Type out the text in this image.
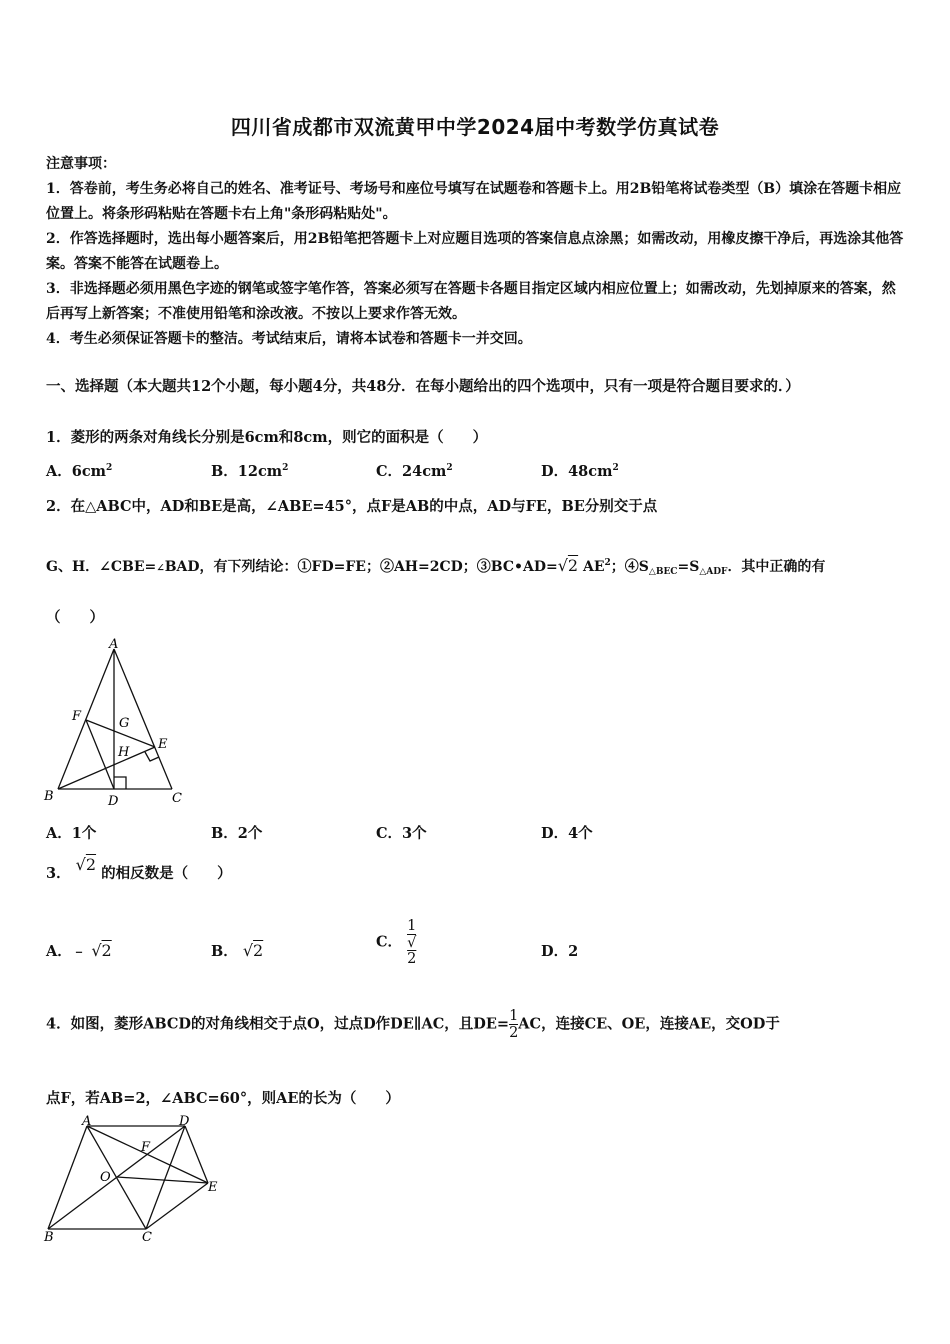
四川省成都市双流黄甲中学2024届中考数学仿真试卷
注意事项：
1．答卷前，考生务必将自己的姓名、准考证号、考场号和座位号填写在试题卷和答题卡上。用2B铅笔将试卷类型（B）填涂在答题卡相应位置上。将条形码粘贴在答题卡右上角"条形码粘贴处"。
2．作答选择题时，选出每小题答案后，用2B铅笔把答题卡上对应题目选项的答案信息点涂黑；如需改动，用橡皮擦干净后，再选涂其他答案。答案不能答在试题卷上。
3．非选择题必须用黑色字迹的钢笔或签字笔作答，答案必须写在答题卡各题目指定区域内相应位置上；如需改动，先划掉原来的答案，然后再写上新答案；不准使用铅笔和涂改液。不按以上要求作答无效。
4．考生必须保证答题卡的整洁。考试结束后，请将本试卷和答题卡一并交回。
一、选择题（本大题共12个小题，每小题4分，共48分．在每小题给出的四个选项中，只有一项是符合题目要求的．）
1．菱形的两条对角线长分别是6cm和8cm，则它的面积是（　　）
A．$6cm^2$	B．$12cm^2$	C．$24cm^2$	D．$48cm^2$
2．在△ABC中，AD和BE是高，∠ABE=45°，点F是AB的中点，AD与FE，BE分别交于点
G、H．∠CBE=∠BAD，有下列结论：①FD=FE；②AH=2CD；③BC•AD=√2 $AE^2$；$④S_{\triangle BEC}=S_{\triangle ADF}$．其中正确的有
（　　）
A
F	G
H
E
B	D	C
A．1个	B．2个	C．3个	D．4个
3． √2 的相反数是（　　）
A．﹣ √2	B． √2	C． 1
√
2	D．2
4．如图，菱形ABCD的对角线相交于点O，过点D作DE∥AC，且$DE= \frac{1}{2}$ AC，连接CE、OE，连接AE，交OD于
点F，若AB=2，∠ABC=60°，则AE的长为（　　）
A	D
F
O
E
B	C
